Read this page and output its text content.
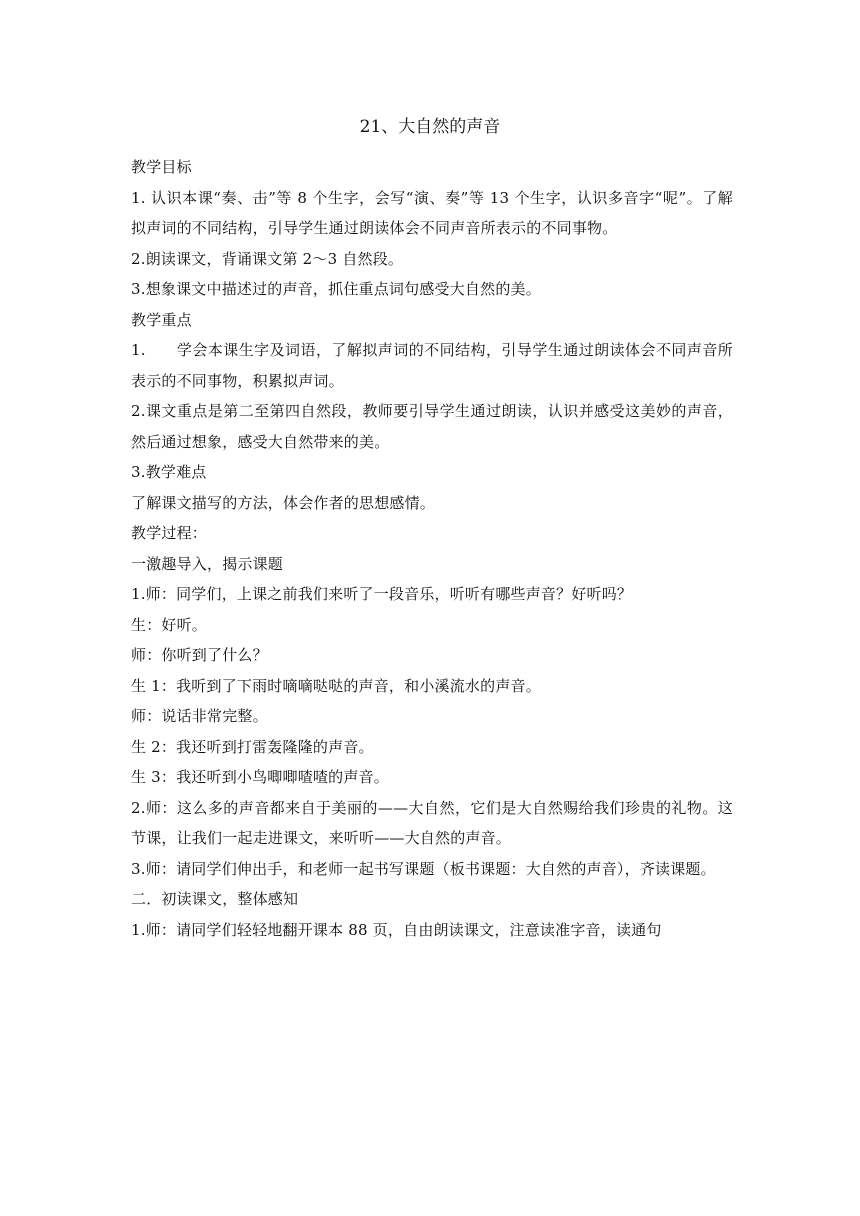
21、大自然的声音

教学目标

1. 认识本课“奏、击”等 8 个生字，会写“演、奏”等 13 个生字，认识多音字“呢”。了解拟声词的不同结构，引导学生通过朗读体会不同声音所表示的不同事物。

2.朗读课文，背诵课文第 2～3 自然段。

3.想象课文中描述过的声音，抓住重点词句感受大自然的美。

教学重点

1.　　学会本课生字及词语，了解拟声词的不同结构，引导学生通过朗读体会不同声音所表示的不同事物，积累拟声词。

2.课文重点是第二至第四自然段，教师要引导学生通过朗读，认识并感受这美妙的声音，然后通过想象，感受大自然带来的美。

3.教学难点

了解课文描写的方法，体会作者的思想感情。

教学过程：

一激趣导入，揭示课题

1.师：同学们，上课之前我们来听了一段音乐，听听有哪些声音？好听吗？

生：好听。

师：你听到了什么？

生 1：我听到了下雨时嘀嘀哒哒的声音，和小溪流水的声音。

师：说话非常完整。

生 2：我还听到打雷轰隆隆的声音。

生 3：我还听到小鸟唧唧喳喳的声音。

2.师：这么多的声音都来自于美丽的——大自然，它们是大自然赐给我们珍贵的礼物。这节课，让我们一起走进课文，来听听——大自然的声音。

3.师：请同学们伸出手，和老师一起书写课题（板书课题：大自然的声音），齐读课题。

二．初读课文，整体感知

1.师：请同学们轻轻地翻开课本 88 页，自由朗读课文，注意读准字音，读通句
